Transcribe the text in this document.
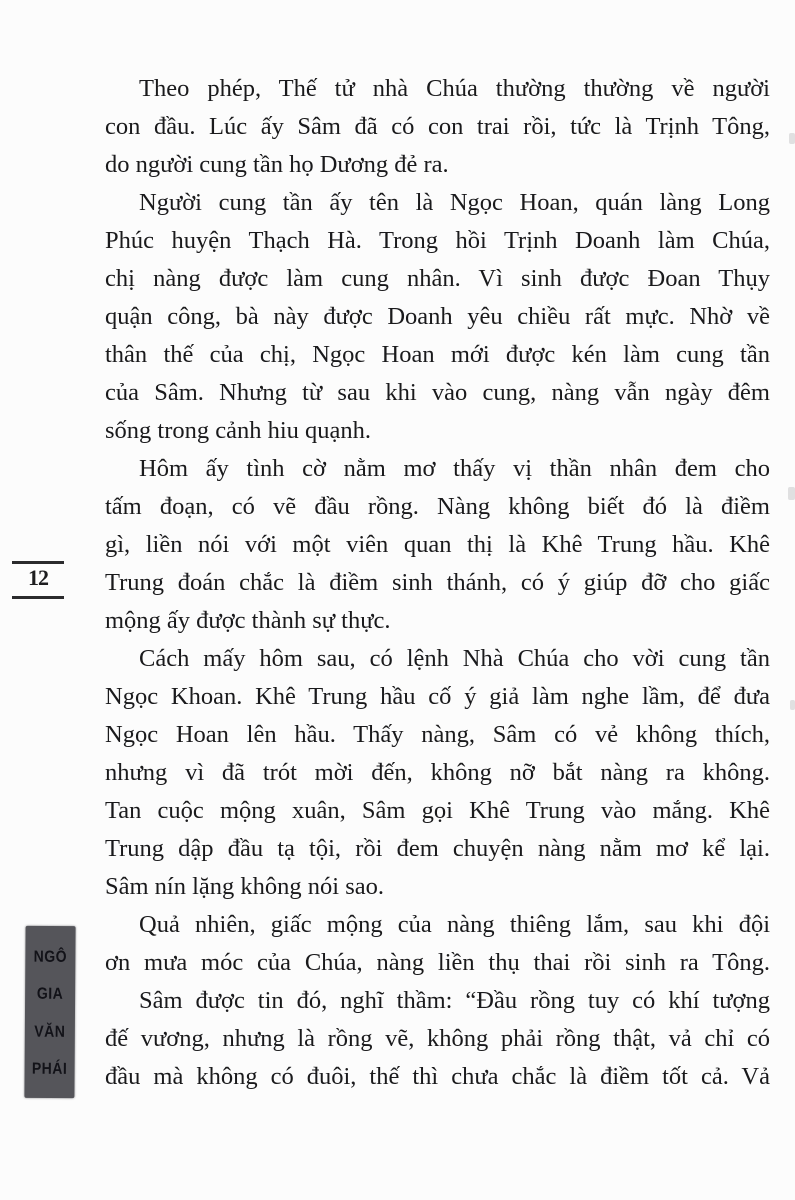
Theo phép, Thế tử nhà Chúa thường thường về người
con đầu. Lúc ấy Sâm đã có con trai rồi, tức là Trịnh Tông,
do người cung tần họ Dương đẻ ra.
Người cung tần ấy tên là Ngọc Hoan, quán làng Long
Phúc huyện Thạch Hà. Trong hồi Trịnh Doanh làm Chúa,
chị nàng được làm cung nhân. Vì sinh được Đoan Thụy
quận công, bà này được Doanh yêu chiều rất mực. Nhờ về
thân thế của chị, Ngọc Hoan mới được kén làm cung tần
của Sâm. Nhưng từ sau khi vào cung, nàng vẫn ngày đêm
sống trong cảnh hiu quạnh.
Hôm ấy tình cờ nằm mơ thấy vị thần nhân đem cho
tấm đoạn, có vẽ đầu rồng. Nàng không biết đó là điềm
gì, liền nói với một viên quan thị là Khê Trung hầu. Khê
Trung đoán chắc là điềm sinh thánh, có ý giúp đỡ cho giấc
mộng ấy được thành sự thực.
Cách mấy hôm sau, có lệnh Nhà Chúa cho vời cung tần
Ngọc Khoan. Khê Trung hầu cố ý giả làm nghe lầm, để đưa
Ngọc Hoan lên hầu. Thấy nàng, Sâm có vẻ không thích,
nhưng vì đã trót mời đến, không nỡ bắt nàng ra không.
Tan cuộc mộng xuân, Sâm gọi Khê Trung vào mắng. Khê
Trung dập đầu tạ tội, rồi đem chuyện nàng nằm mơ kể lại.
Sâm nín lặng không nói sao.
Quả nhiên, giấc mộng của nàng thiêng lắm, sau khi đội
ơn mưa móc của Chúa, nàng liền thụ thai rồi sinh ra Tông.
Sâm được tin đó, nghĩ thầm: “Đầu rồng tuy có khí tượng
đế vương, nhưng là rồng vẽ, không phải rồng thật, vả chỉ có
đầu mà không có đuôi, thế thì chưa chắc là điềm tốt cả. Vả
12
NGÔ
GIA
VĂN
PHÁI
